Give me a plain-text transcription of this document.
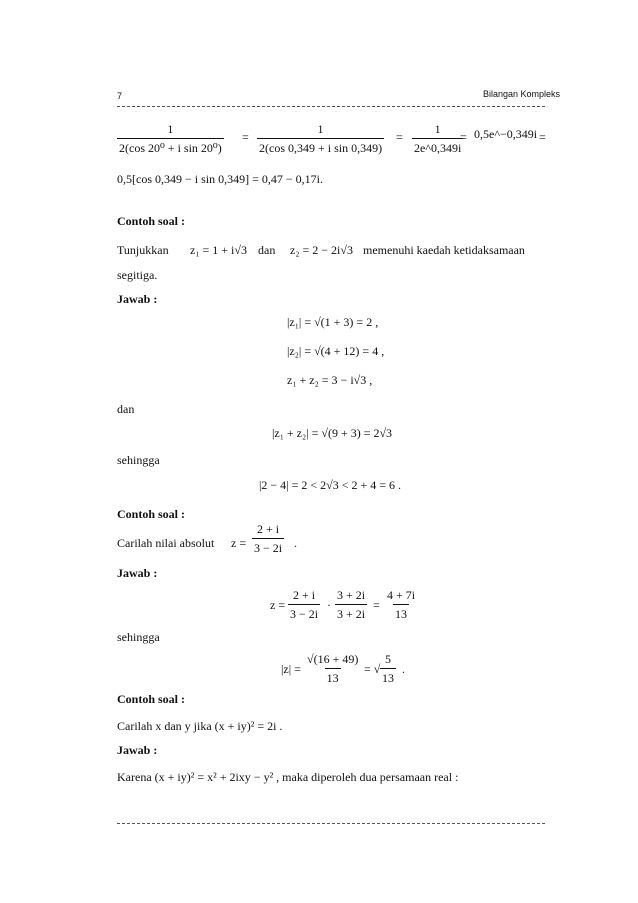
7	Bilangan Kompleks
$\frac{1}{\text{2(cos 20⁰ + i sin 20⁰)}} = \frac{1}{\text{2(cos 0,349 + i sin 0,349)}} = \frac{1}{2e\^{}0,349i}$
= 0,5e^−0,349i =
0,5[cos 0,349 − i sin 0,349] = 0,47 − 0,17i.
Contoh soal :
Tunjukkan z₁ = 1 + i√3 dan z₂ = 2 − 2i√3 memenuhi kaedah ketidaksamaan
segitiga.
Jawab :
|z₁| = √(1 + 3) = 2 ,
|z₂| = √(4 + 12) = 4 ,
z₁ + z₂ = 3 − i√3 ,
dan
|z₁ + z₂| = √(9 + 3) = 2√3
sehingga
|2 − 4| = 2 < 2√3 < 2 + 4 = 6 .
Contoh soal :
Carilah nilai absolut $z = \frac{2 + i}{3 - 2i}$ .
Jawab :
$z = \frac{2 + i}{3 - 2i} \cdot \frac{3 + 2i}{3 + 2i} = \frac{4 + 7i}{13}$
sehingga
$|z| = \frac{√(16 + 49)}{13}$ = √ $\frac{5}{13}$ .
Contoh soal :
Carilah x dan y jika (x + iy)² = 2i .
Jawab :
Karena (x + iy)² = x² + 2ixy − y² , maka diperoleh dua persamaan real :
